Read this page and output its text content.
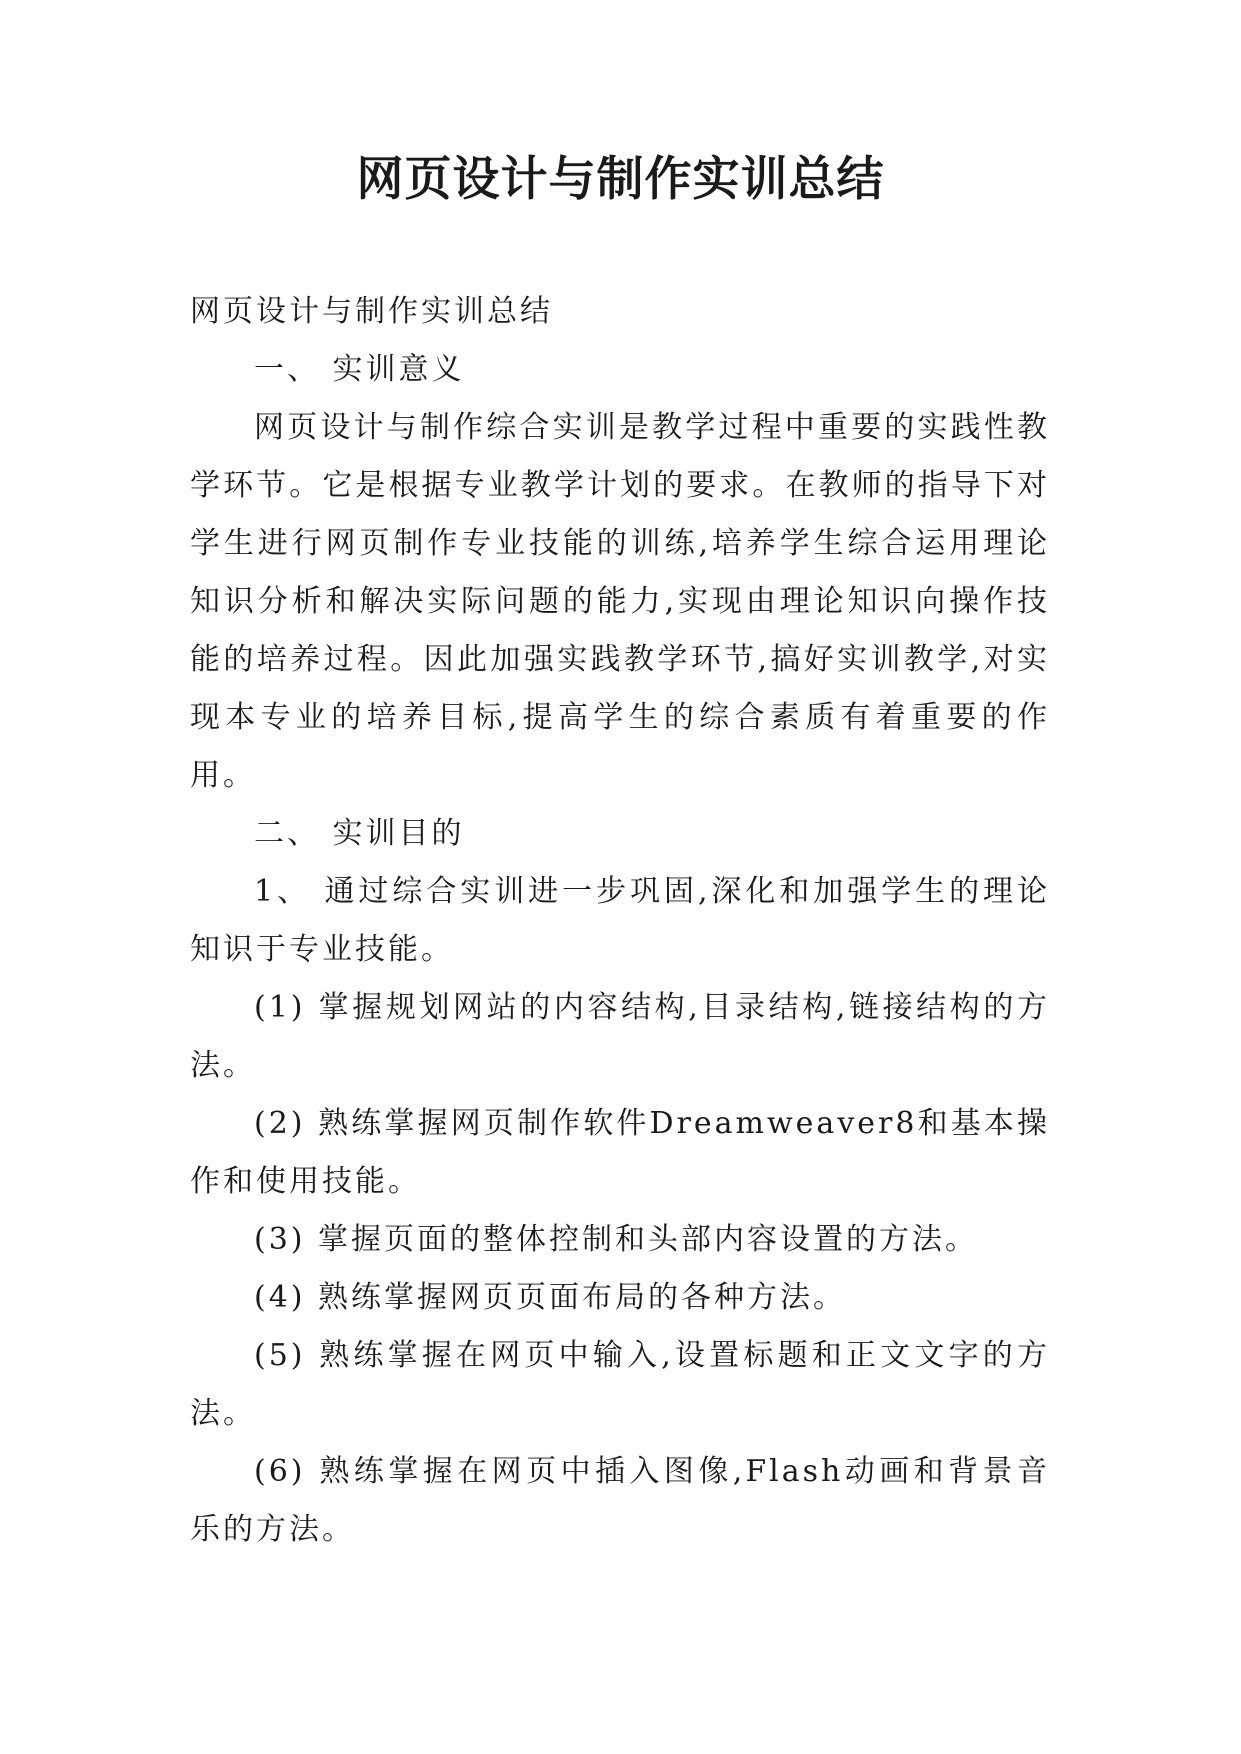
网页设计与制作实训总结

网页设计与制作实训总结

一、 实训意义

网页设计与制作综合实训是教学过程中重要的实践性教学环节。它是根据专业教学计划的要求。在教师的指导下对学生进行网页制作专业技能的训练,培养学生综合运用理论知识分析和解决实际问题的能力,实现由理论知识向操作技能的培养过程。因此加强实践教学环节,搞好实训教学,对实现本专业的培养目标,提高学生的综合素质有着重要的作用。

二、 实训目的

1、 通过综合实训进一步巩固,深化和加强学生的理论知识于专业技能。

(1) 掌握规划网站的内容结构,目录结构,链接结构的方法。

(2) 熟练掌握网页制作软件Dreamweaver8和基本操作和使用技能。

(3) 掌握页面的整体控制和头部内容设置的方法。

(4) 熟练掌握网页页面布局的各种方法。

(5) 熟练掌握在网页中输入,设置标题和正文文字的方法。

(6) 熟练掌握在网页中插入图像,Flash动画和背景音乐的方法。
